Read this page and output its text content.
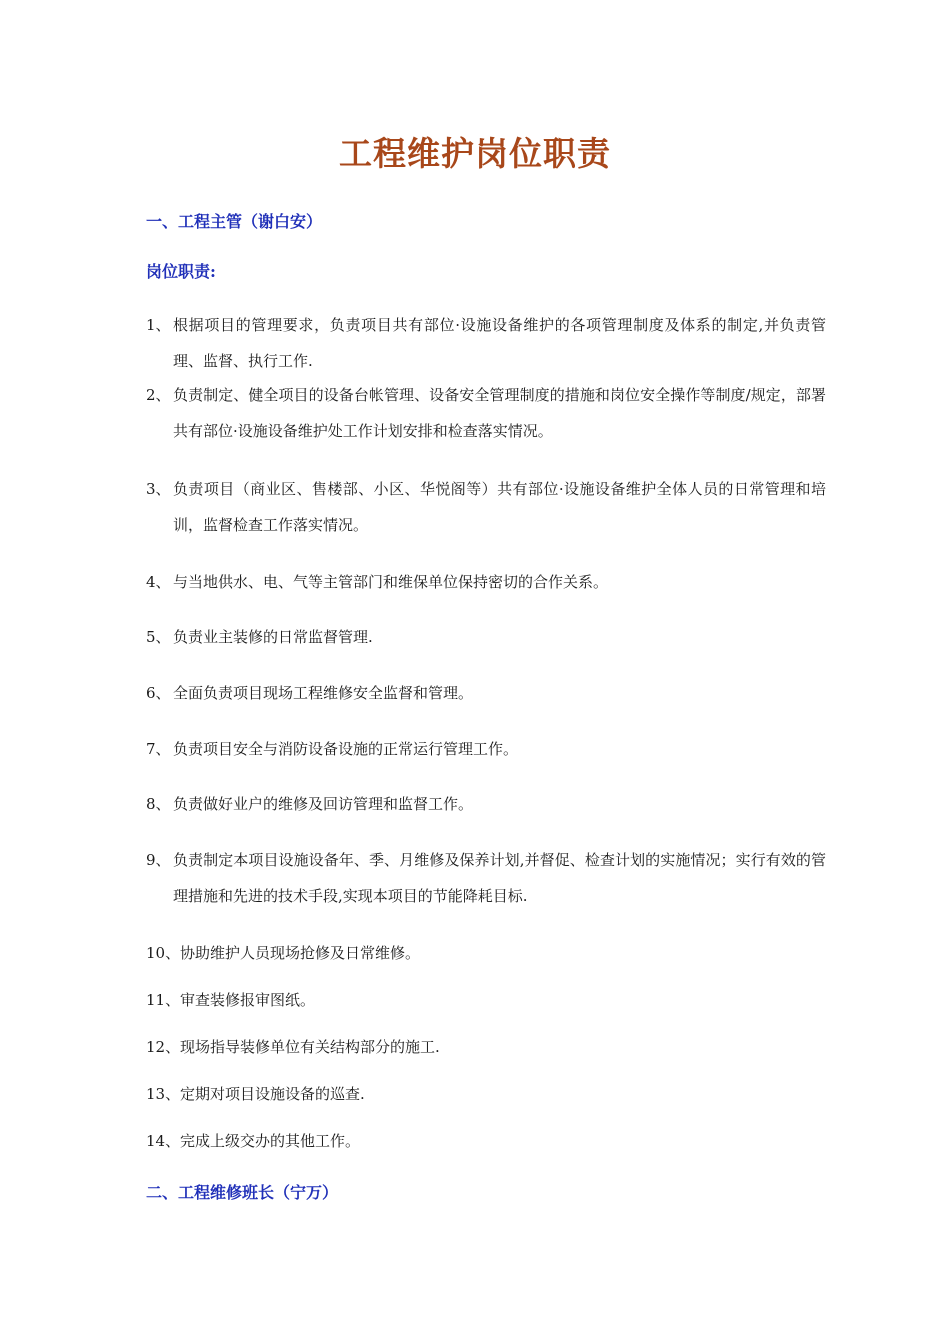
工程维护岗位职责

一、工程主管（谢白安）

岗位职责:

1、 根据项目的管理要求，负责项目共有部位·设施设备维护的各项管理制度及体系的制定,并负责管理、监督、执行工作.
2、 负责制定、健全项目的设备台帐管理、设备安全管理制度的措施和岗位安全操作等制度/规定，部署共有部位·设施设备维护处工作计划安排和检查落实情况。
3、 负责项目（商业区、售楼部、小区、华悦阁等）共有部位·设施设备维护全体人员的日常管理和培训，监督检查工作落实情况。
4、 与当地供水、电、气等主管部门和维保单位保持密切的合作关系。
5、 负责业主装修的日常监督管理.
6、 全面负责项目现场工程维修安全监督和管理。
7、 负责项目安全与消防设备设施的正常运行管理工作。
8、 负责做好业户的维修及回访管理和监督工作。
9、 负责制定本项目设施设备年、季、月维修及保养计划,并督促、检查计划的实施情况；实行有效的管理措施和先进的技术手段,实现本项目的节能降耗目标.
10、 协助维护人员现场抢修及日常维修。
11、 审查装修报审图纸。
12、 现场指导装修单位有关结构部分的施工.
13、 定期对项目设施设备的巡查.
14、 完成上级交办的其他工作。

二、工程维修班长（宁万）
